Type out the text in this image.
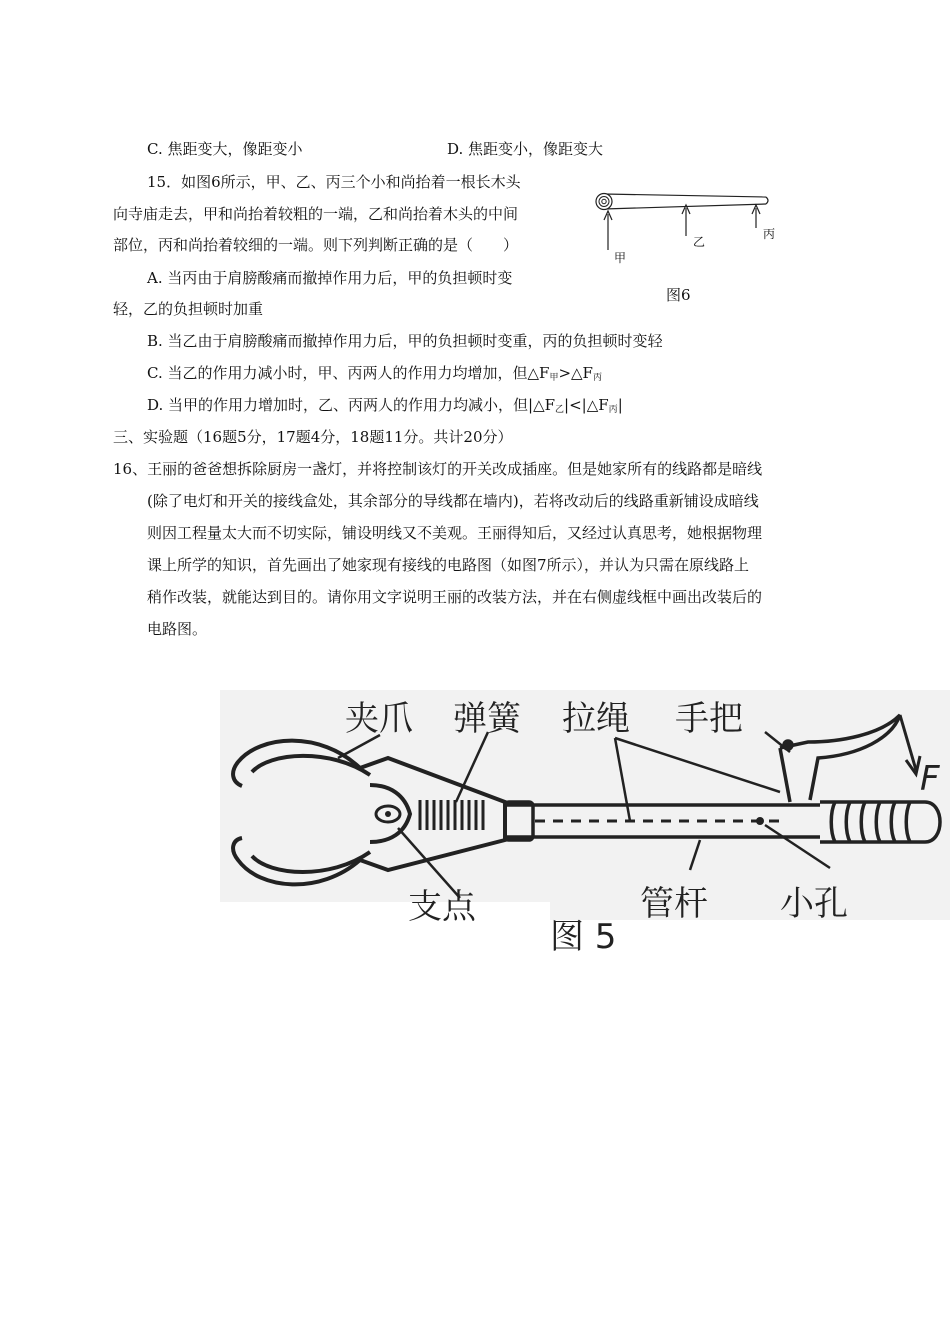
C. 焦距变大，像距变小	D. 焦距变小，像距变大
15．如图6所示，甲、乙、丙三个小和尚抬着一根长木头
向寺庙走去，甲和尚抬着较粗的一端，乙和尚抬着木头的中间
部位，丙和尚抬着较细的一端。则下列判断正确的是（　　）
A. 当丙由于肩膀酸痛而撤掉作用力后，甲的负担顿时变
轻，乙的负担顿时加重
B. 当乙由于肩膀酸痛而撤掉作用力后，甲的负担顿时变重，丙的负担顿时变轻
C. 当乙的作用力减小时，甲、丙两人的作用力均增加，但$\triangle F_甲>\triangle F_丙$
D. 当甲的作用力增加时，乙、丙两人的作用力均减小，但$|\triangle F_乙|<|\triangle F_丙|$
甲
乙
丙
图6
三、实验题（16题5分，17题4分，18题11分。共计20分）
16、王丽的爸爸想拆除厨房一盏灯，并将控制该灯的开关改成插座。但是她家所有的线路都是暗线
(除了电灯和开关的接线盒处，其余部分的导线都在墙内)，若将改动后的线路重新铺设成暗线
则因工程量太大而不切实际，铺设明线又不美观。王丽得知后，又经过认真思考，她根据物理
课上所学的知识，首先画出了她家现有接线的电路图（如图7所示），并认为只需在原线路上
稍作改装，就能达到目的。请你用文字说明王丽的改装方法，并在右侧虚线框中画出改装后的
电路图。
夹爪 弹簧 拉绳 手把
F
支点	管杆 小孔
图 5
